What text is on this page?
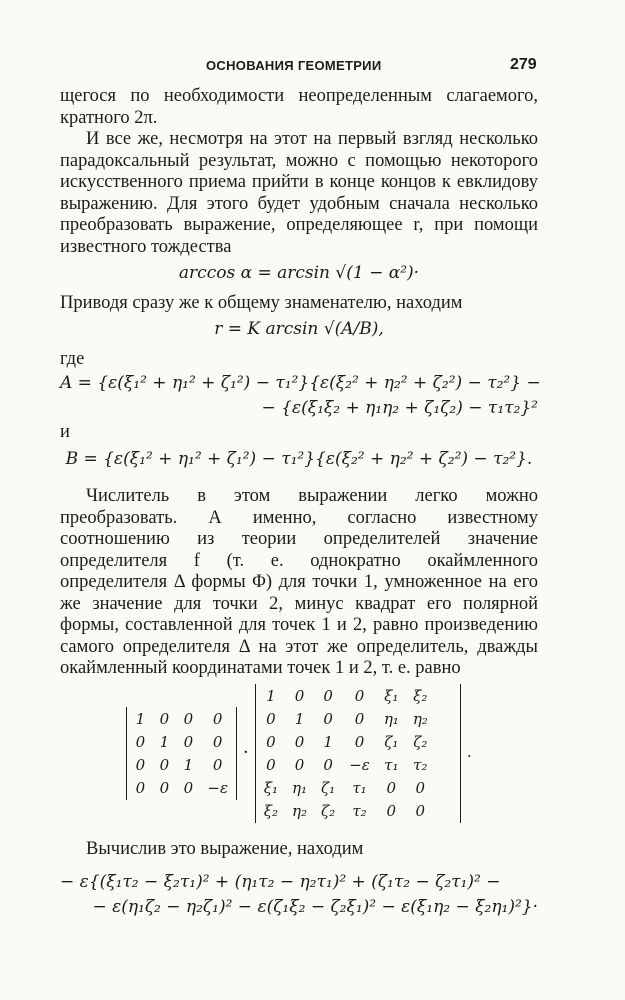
ОСНОВАНИЯ ГЕОМЕТРИИ	279

щегося по необходимости неопределенным слагаемого, кратного 2π.

И все же, несмотря на этот на первый взгляд несколько парадоксальный результат, можно с помощью некоторого искусственного приема прийти в конце концов к евклидову выражению. Для этого будет удобным сначала несколько преобразовать выражение, определяющее r, при помощи известного тождества

arccos α = arcsin √(1 − α²)·

Приводя сразу же к общему знаменателю, находим

r = K arcsin √(A/B),

где

A = {ε(ξ₁² + η₁² + ζ₁²) − τ₁²}{ε(ξ₂² + η₂² + ζ₂²) − τ₂²} −
− {ε(ξ₁ξ₂ + η₁η₂ + ζ₁ζ₂) − τ₁τ₂}²

и

B = {ε(ξ₁² + η₁² + ζ₁²) − τ₁²}{ε(ξ₂² + η₂² + ζ₂²) − τ₂²}.

Числитель в этом выражении легко можно преобразовать. А именно, согласно известному соотношению из теории определителей значение определителя f (т. е. однократно окаймленного определителя Δ формы Φ) для точки 1, умноженное на его же значение для точки 2, минус квадрат его полярной формы, составленной для точек 1 и 2, равно произведению самого определителя Δ на этот же определитель, дважды окаймленный координатами точек 1 и 2, т. е. равно

1 0 0	0
0 1 0	0
0 0 1	0
0 0 0 −ε
·
1 0 0	0	ξ₁ ξ₂
0 1 0	0	η₁ η₂
0 0 1	0	ζ₁ ζ₂
0 0 0 −ε τ₁ τ₂
ξ₁ η₁ ζ₁ τ₁ 0 0
ξ₂ η₂ ζ₂ τ₂ 0 0
.

Вычислив это выражение, находим

− ε{(ξ₁τ₂ − ξ₂τ₁)² + (η₁τ₂ − η₂τ₁)² + (ζ₁τ₂ − ζ₂τ₁)² −
− ε(η₁ζ₂ − η₂ζ₁)² − ε(ζ₁ξ₂ − ζ₂ξ₁)² − ε(ξ₁η₂ − ξ₂η₁)²}·
